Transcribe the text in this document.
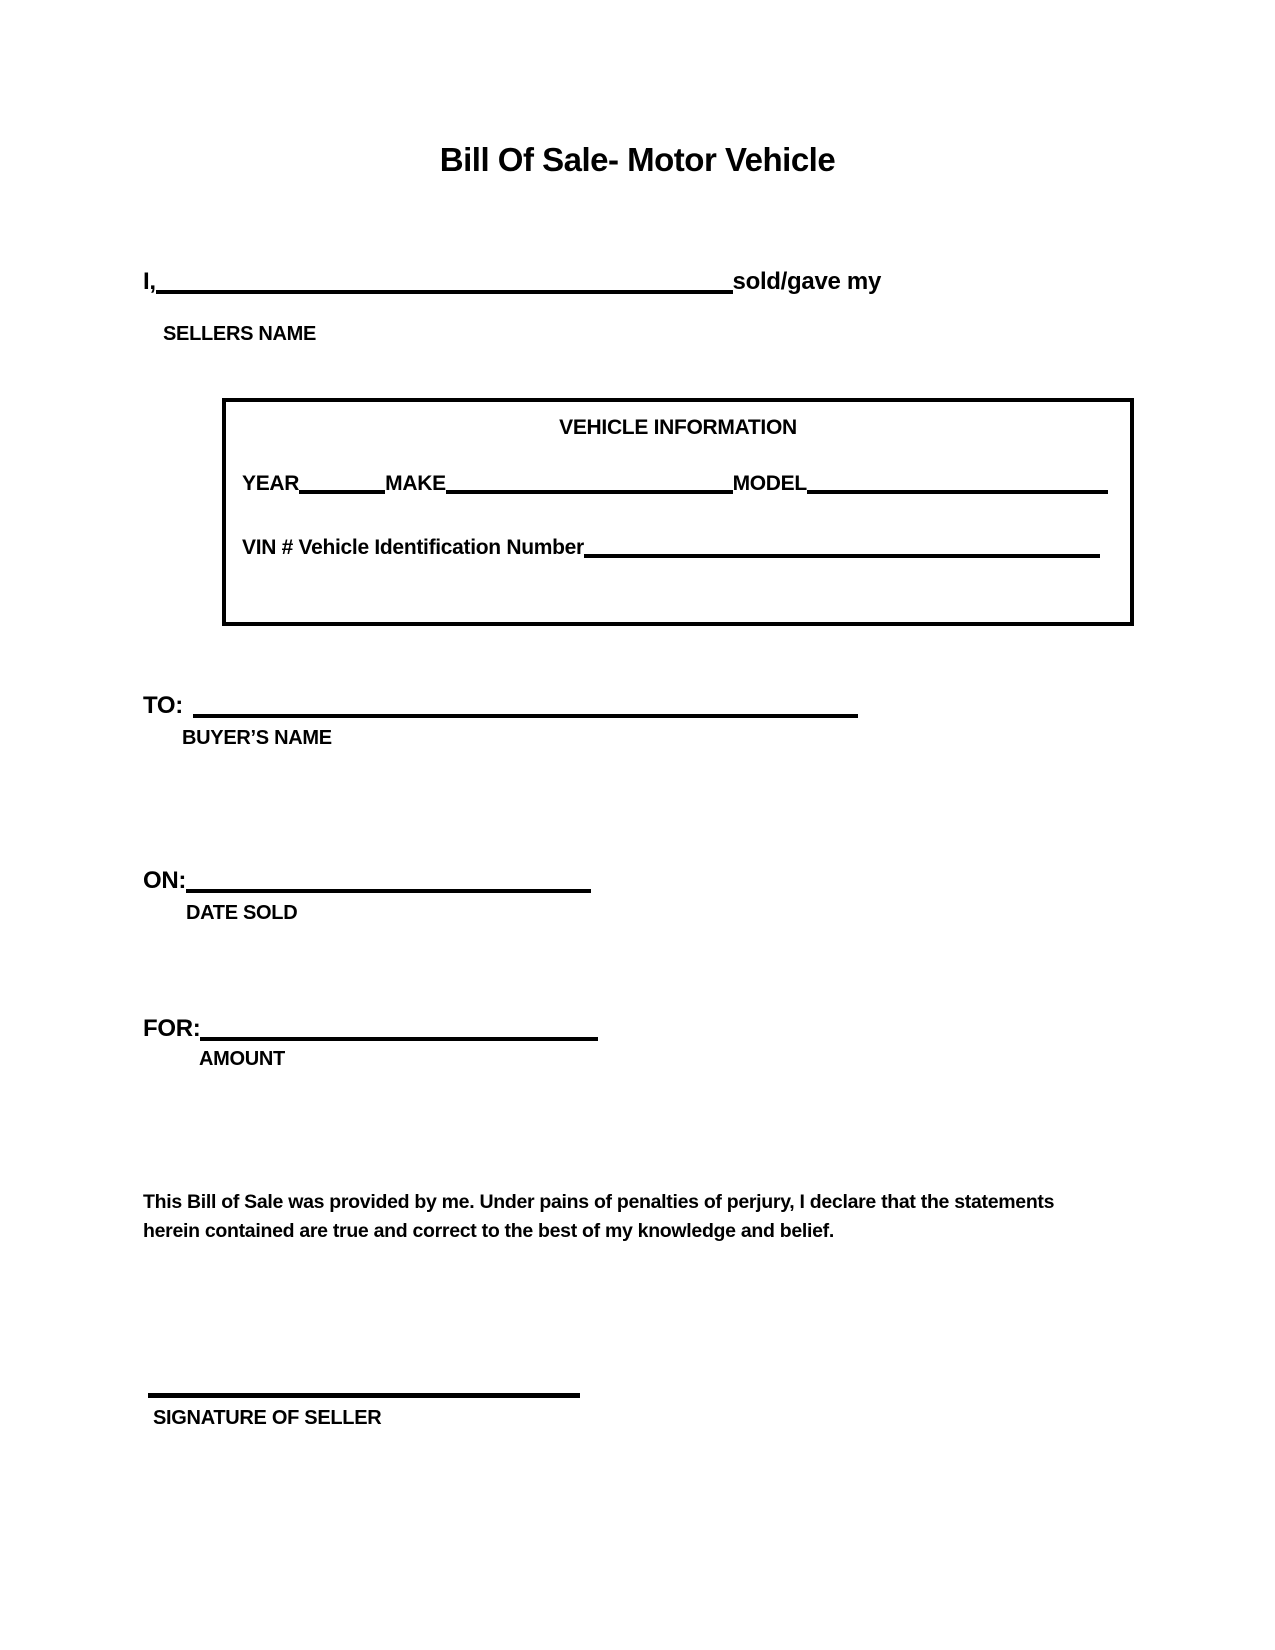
Bill Of Sale- Motor Vehicle
I,	sold/gave my
SELLERS NAME
VEHICLE INFORMATION
YEAR	MAKE	MODEL
VIN # Vehicle Identification Number
TO:
BUYER’S NAME
ON:
DATE SOLD
FOR:
AMOUNT
This Bill of Sale was provided by me. Under pains of penalties of perjury, I declare that the statements herein contained are true and correct to the best of my knowledge and belief.
SIGNATURE OF SELLER
